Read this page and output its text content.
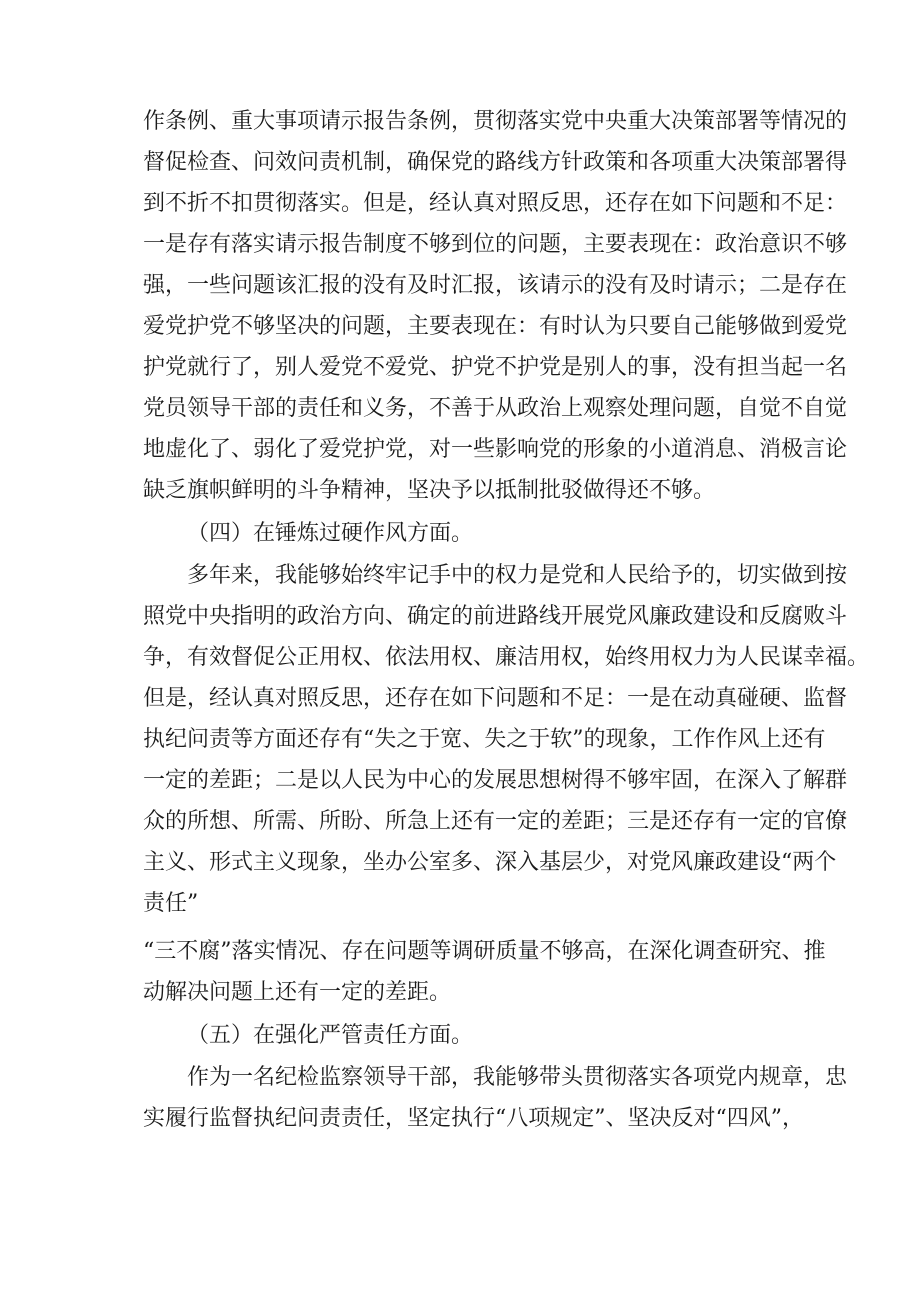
作条例、重大事项请示报告条例，贯彻落实党中央重大决策部署等情况的
督促检查、问效问责机制，确保党的路线方针政策和各项重大决策部署得
到不折不扣贯彻落实。但是，经认真对照反思，还存在如下问题和不足：
一是存有落实请示报告制度不够到位的问题，主要表现在：政治意识不够
强，一些问题该汇报的没有及时汇报，该请示的没有及时请示；二是存在
爱党护党不够坚决的问题，主要表现在：有时认为只要自己能够做到爱党
护党就行了，别人爱党不爱党、护党不护党是别人的事，没有担当起一名
党员领导干部的责任和义务，不善于从政治上观察处理问题，自觉不自觉
地虚化了、弱化了爱党护党，对一些影响党的形象的小道消息、消极言论
缺乏旗帜鲜明的斗争精神，坚决予以抵制批驳做得还不够。
（四）在锤炼过硬作风方面。
多年来，我能够始终牢记手中的权力是党和人民给予的，切实做到按
照党中央指明的政治方向、确定的前进路线开展党风廉政建设和反腐败斗
争，有效督促公正用权、依法用权、廉洁用权，始终用权力为人民谋幸福。
但是，经认真对照反思，还存在如下问题和不足：一是在动真碰硬、监督
执纪问责等方面还存有“失之于宽、失之于软”的现象，工作作风上还有
一定的差距；二是以人民为中心的发展思想树得不够牢固，在深入了解群
众的所想、所需、所盼、所急上还有一定的差距；三是还存有一定的官僚
主义、形式主义现象，坐办公室多、深入基层少，对党风廉政建设“两个
责任”
“三不腐”落实情况、存在问题等调研质量不够高，在深化调查研究、推
动解决问题上还有一定的差距。
（五）在强化严管责任方面。
作为一名纪检监察领导干部，我能够带头贯彻落实各项党内规章，忠
实履行监督执纪问责责任，坚定执行“八项规定”、坚决反对“四风”，
